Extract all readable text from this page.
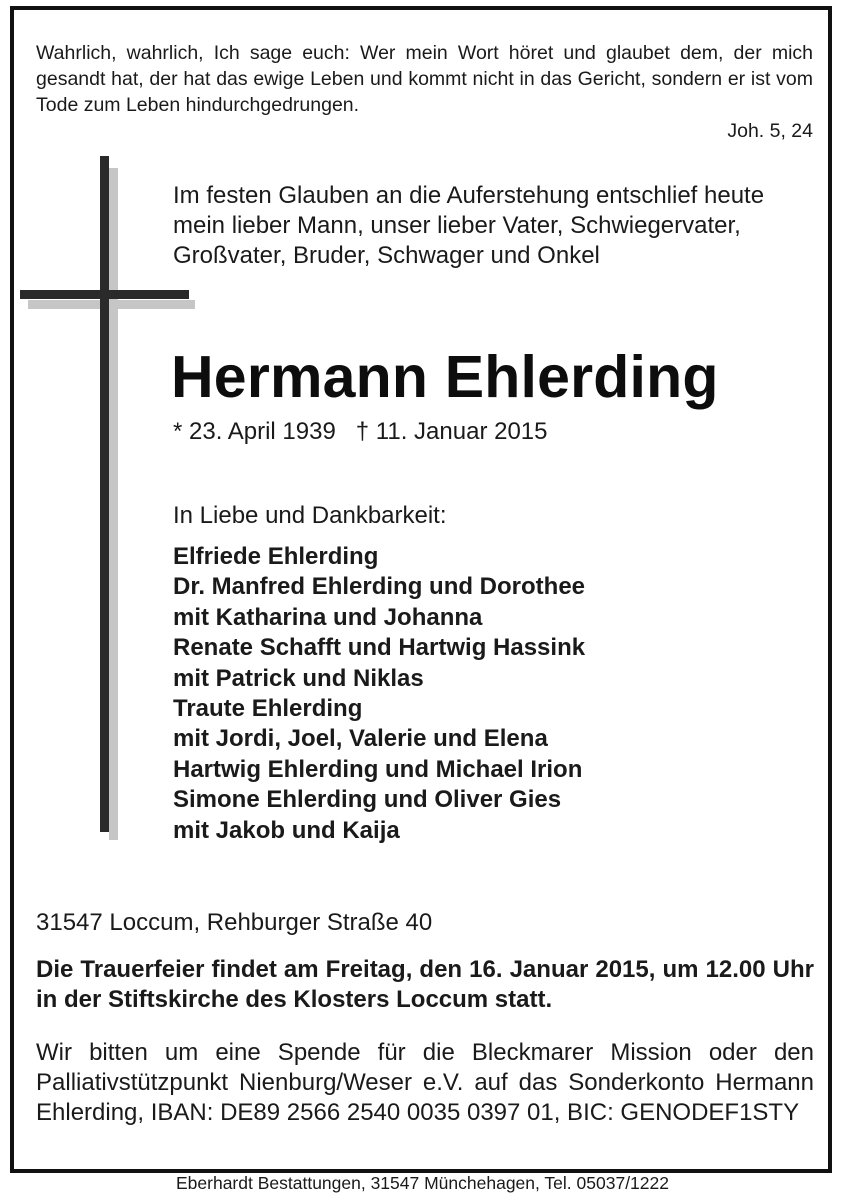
Wahrlich, wahrlich, Ich sage euch: Wer mein Wort höret und glaubet dem, der mich gesandt hat, der hat das ewige Leben und kommt nicht in das Gericht, sondern er ist vom Tode zum Leben hindurchgedrungen.

Joh. 5, 24

Im festen Glauben an die Auferstehung entschlief heute mein lieber Mann, unser lieber Vater, Schwiegervater, Großvater, Bruder, Schwager und Onkel

Hermann Ehlerding

* 23. April 1939   † 11. Januar 2015

In Liebe und Dankbarkeit:

Elfriede Ehlerding
Dr. Manfred Ehlerding und Dorothee
mit Katharina und Johanna
Renate Schafft und Hartwig Hassink
mit Patrick und Niklas
Traute Ehlerding
mit Jordi, Joel, Valerie und Elena
Hartwig Ehlerding und Michael Irion
Simone Ehlerding und Oliver Gies
mit Jakob und Kaija

31547 Loccum, Rehburger Straße 40

Die Trauerfeier findet am Freitag, den 16. Januar 2015, um 12.00 Uhr in der Stiftskirche des Klosters Loccum statt.

Wir bitten um eine Spende für die Bleckmarer Mission oder den Palliativstützpunkt Nienburg/Weser e.V. auf das Sonderkonto Hermann Ehlerding, IBAN: DE89 2566 2540 0035 0397 01, BIC: GENODEF1STY

Eberhardt Bestattungen, 31547 Münchehagen, Tel. 05037/1222
